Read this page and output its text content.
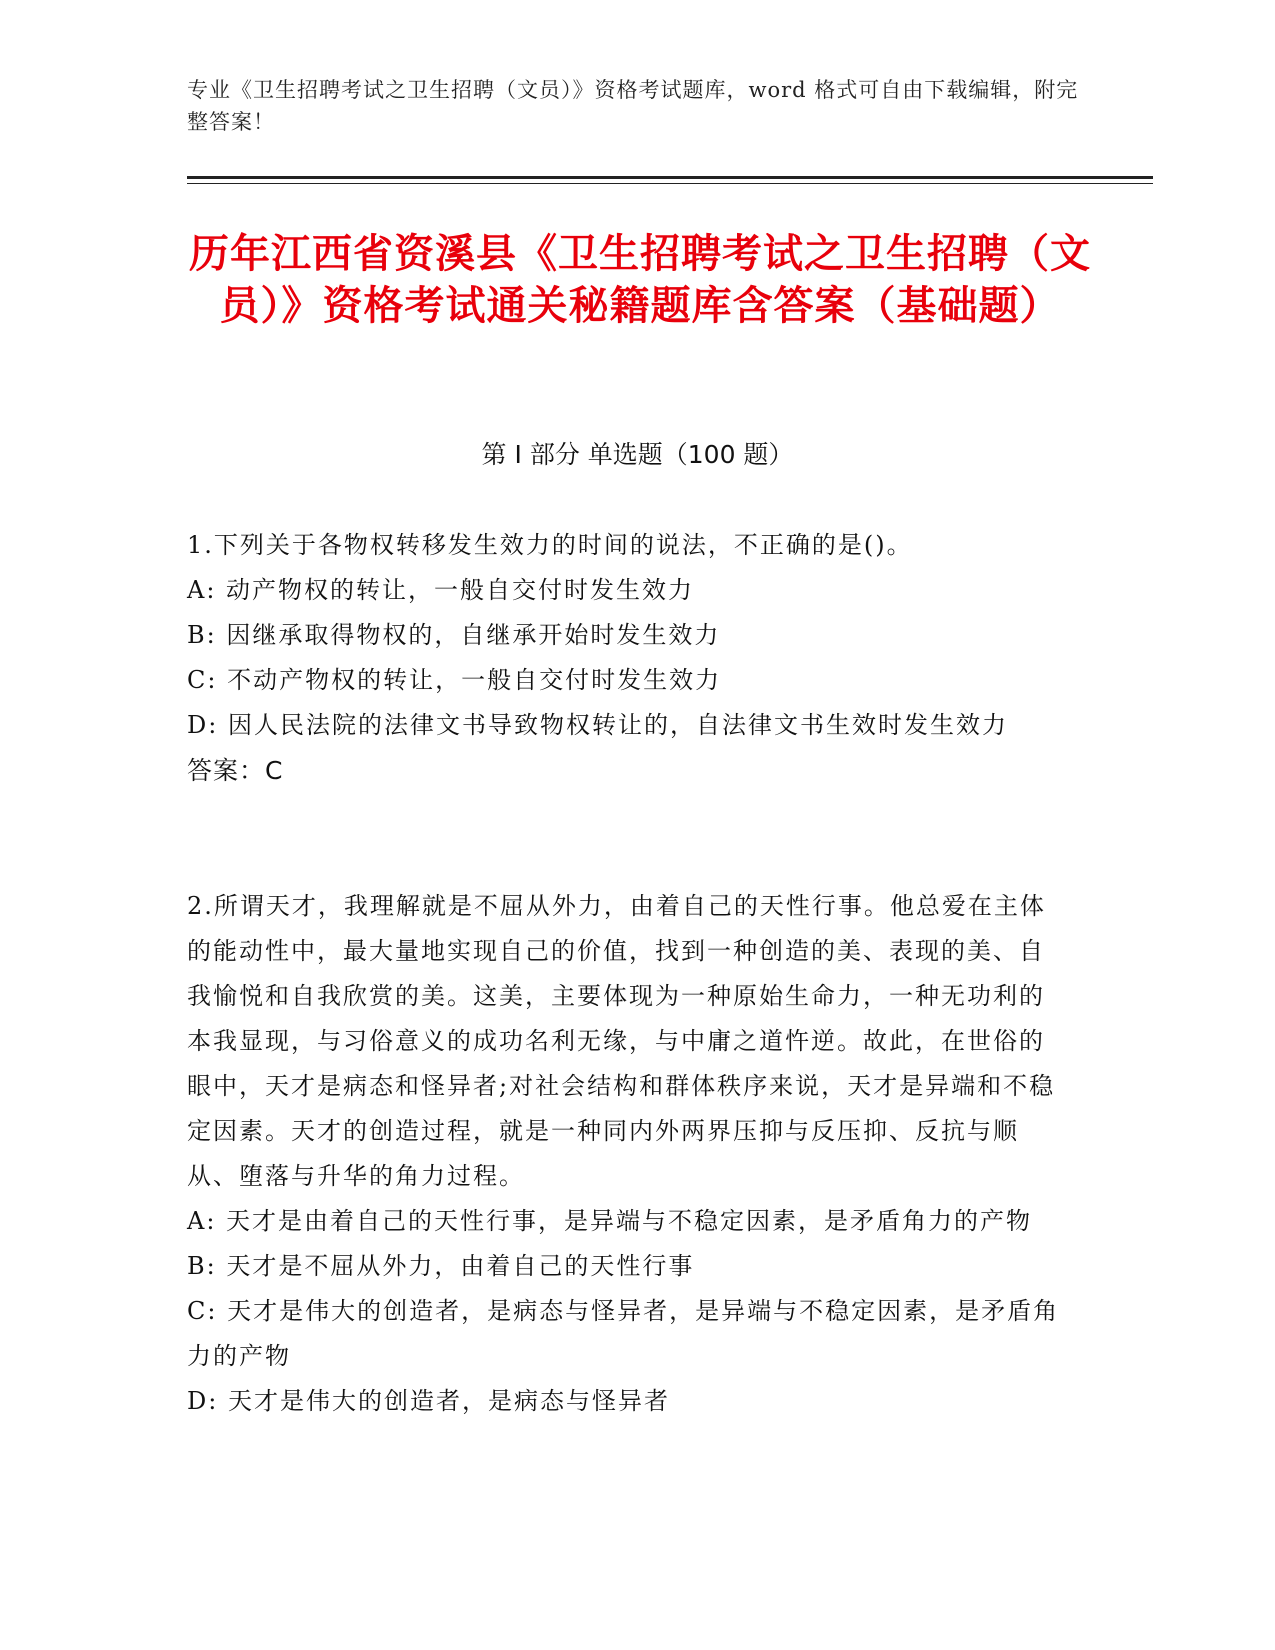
专业《卫生招聘考试之卫生招聘（文员）》资格考试题库，word 格式可自由下载编辑，附完整答案！
历年江西省资溪县《卫生招聘考试之卫生招聘（文员）》资格考试通关秘籍题库含答案（基础题）
第 I 部分 单选题（100 题）

1.下列关于各物权转移发生效力的时间的说法，不正确的是()。

A: 动产物权的转让，一般自交付时发生效力

B: 因继承取得物权的，自继承开始时发生效力

C: 不动产物权的转让，一般自交付时发生效力

D: 因人民法院的法律文书导致物权转让的，自法律文书生效时发生效力

答案：C

2.所谓天才，我理解就是不屈从外力，由着自己的天性行事。他总爱在主体的能动性中，最大量地实现自己的价值，找到一种创造的美、表现的美、自我愉悦和自我欣赏的美。这美，主要体现为一种原始生命力，一种无功利的本我显现，与习俗意义的成功名利无缘，与中庸之道忤逆。故此，在世俗的眼中，天才是病态和怪异者;对社会结构和群体秩序来说，天才是异端和不稳定因素。天才的创造过程，就是一种同内外两界压抑与反压抑、反抗与顺从、堕落与升华的角力过程。

A: 天才是由着自己的天性行事，是异端与不稳定因素，是矛盾角力的产物

B: 天才是不屈从外力，由着自己的天性行事

C: 天才是伟大的创造者，是病态与怪异者，是异端与不稳定因素，是矛盾角力的产物

D: 天才是伟大的创造者，是病态与怪异者
